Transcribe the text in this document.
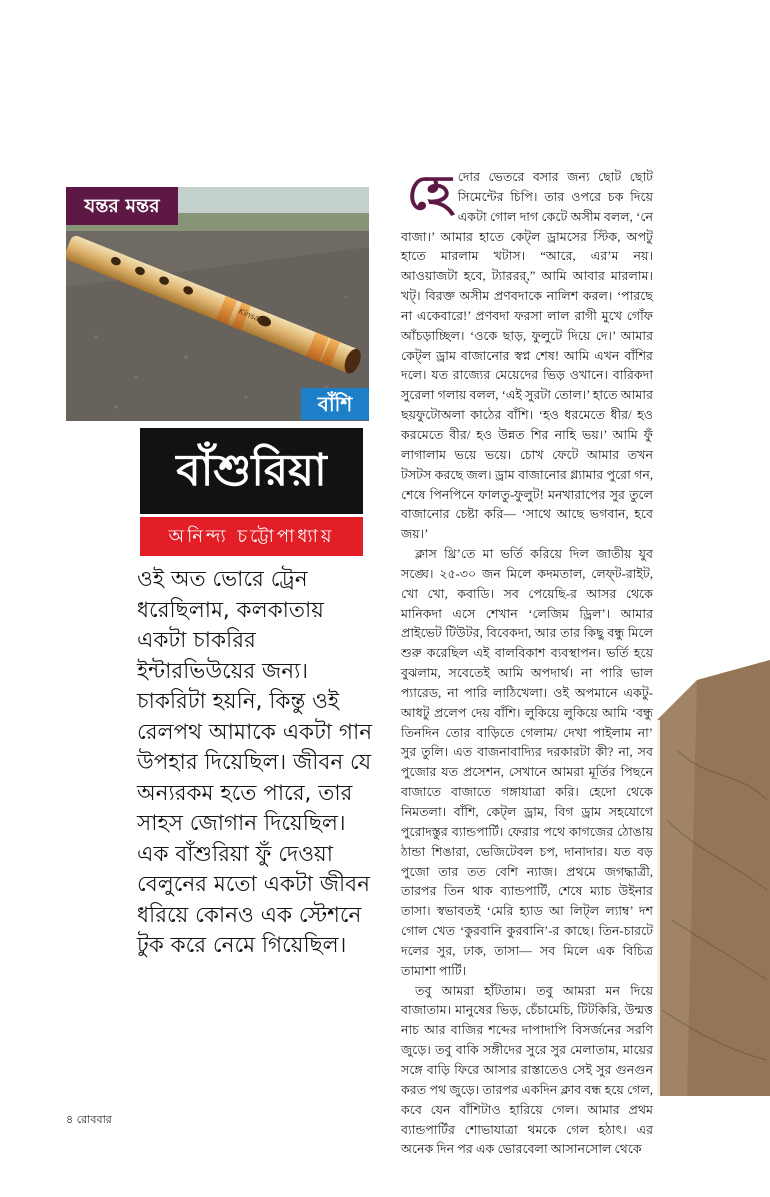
Kinsar
যন্তর মন্তর
বাঁশি
বাঁশুরিয়া
অনিন্দ্য চট্টোপাধ্যায়

ওই অত ভোরে ট্রেন ধরেছিলাম, কলকাতায় একটা চাকরির ইন্টারভিউয়ের জন্য। চাকরিটা হয়নি, কিন্তু ওই রেলপথ আমাকে একটা গান উপহার দিয়েছিল। জীবন যে অন্যরকম হতে পারে, তার সাহস জোগান দিয়েছিল। এক বাঁশুরিয়া ফুঁ দেওয়া বেলুনের মতো একটা জীবন ধরিয়ে কোনও এক স্টেশনে টুক করে নেমে গিয়েছিল।

হেদোর ভেতরে বসার জন্য ছোট ছোট সিমেন্টের চিপি। তার ওপরে চক দিয়ে একটা গোল দাগ কেটে অসীম বলল, ‘নে বাজা।’ আমার হাতে কেট্‌ল ড্রামসের স্টিক, অপটু হাতে মারলাম খটাস। “আরে, এর’ম নয়। আওয়াজটা হবে, ট্যাররর্‌,” আমি আবার মারলাম। খট্‌। বিরক্ত অসীম প্রণবদাকে নালিশ করল। ‘পারছে না একেবারে!’ প্রণবদা ফরসা লাল রাগী মুখে গোঁফ আঁচড়াচ্ছিল। ‘ওকে ছাড়, ফুলুটে দিয়ে দে।’ আমার কেট্‌ল ড্রাম বাজানোর স্বপ্ন শেষ! আমি এখন বাঁশির দলে। যত রাজ্যের মেয়েদের ভিড় ওখানে। বারিকদা সুরেলা গলায় বলল, ‘এই সুরটা তোল।’ হাতে আমার ছয়ফুটোঅলা কাঠের বাঁশি। ‘হও ধরমেতে ধীর/ হও করমেতে বীর/ হও উন্নত শির নাহি ভয়।’ আমি ফুঁ লাগালাম ভয়ে ভয়ে। চোখ ফেটে আমার তখন টসটস করছে জল। ড্রাম বাজানোর গ্ল্যামার পুরো গন, শেষে পিনপিনে ফালতু-ফুলুট! মনখারাপের সুর তুলে বাজানোর চেষ্টা করি— ‘সাথে আছে ভগবান, হবে জয়।’

ক্লাস থ্রি’তে মা ভর্তি করিয়ে দিল জাতীয় যুব সঙ্ঘে। ২৫-৩০ জন মিলে কদমতাল, লেফ্‌ট-রাইট, খো খো, কবাডি। সব পেয়েছি-র আসর থেকে মানিকদা এসে শেখান ‘লেজিম ড্রিল’। আমার প্রাইভেট টিউটর, বিবেকদা, আর তার কিছু বন্ধু মিলে শুরু করেছিল এই বালবিকাশ ব্যবস্থাপন। ভর্তি হয়ে বুঝলাম, সবেতেই আমি অপদার্থ। না পারি ভাল প্যারেড, না পারি লাঠিখেলা। ওই অপমানে একটু-আধটু প্রলেপ দেয় বাঁশি। লুকিয়ে লুকিয়ে আমি ‘বন্ধু তিনদিন তোর বাড়িতে গেলাম/ দেখা পাইলাম না’ সুর তুলি। এত বাজনাবাদ্যির দরকারটা কী? না, সব পুজোর যত প্রসেশন, সেখানে আমরা মূর্তির পিছনে বাজাতে বাজাতে গঙ্গাযাত্রা করি। হেদো থেকে নিমতলা। বাঁশি, কেট্‌ল ড্রাম, বিগ ড্রাম সহযোগে পুরোদস্তুর ব্যান্ডপার্টি। ফেরার পথে কাগজের ঠোঙায় ঠান্ডা শিঙারা, ভেজিটেবল চপ, দানাদার। যত বড় পুজো তার তত বেশি ন্যাজ। প্রথমে জগদ্ধাত্রী, তারপর তিন থাক ব্যান্ডপার্টি, শেষে ম্যাচ উইনার তাসা। স্বভাবতই ‘মেরি হ্যাড আ লিট্‌ল ল্যাম্ব’ দশ গোল খেত ‘কুরবানি কুরবানি’-র কাছে। তিন-চারটে দলের সুর, ঢাক, তাসা— সব মিলে এক বিচিত্র তামাশা পার্টি।

তবু আমরা হাঁটতাম। তবু আমরা মন দিয়ে বাজাতাম। মানুষের ভিড়, চেঁচামেচি, টিটকিরি, উন্মত্ত নাচ আর বাজির শব্দের দাপাদাপি বিসর্জনের সরণি জুড়ে। তবু বাকি সঙ্গীদের সুরে সুর মেলাতাম, মায়ের সঙ্গে বাড়ি ফিরে আসার রাস্তাতেও সেই সুর গুনগুন করত পথ জুড়ে। তারপর একদিন ক্লাব বন্ধ হয়ে গেল, কবে যেন বাঁশিটাও হারিয়ে গেল। আমার প্রথম ব্যান্ডপার্টির শোভাযাত্রা থমকে গেল হঠাৎ। এর অনেক দিন পর এক ভোরবেলা আসানসোল থেকে

৪ রোববার
